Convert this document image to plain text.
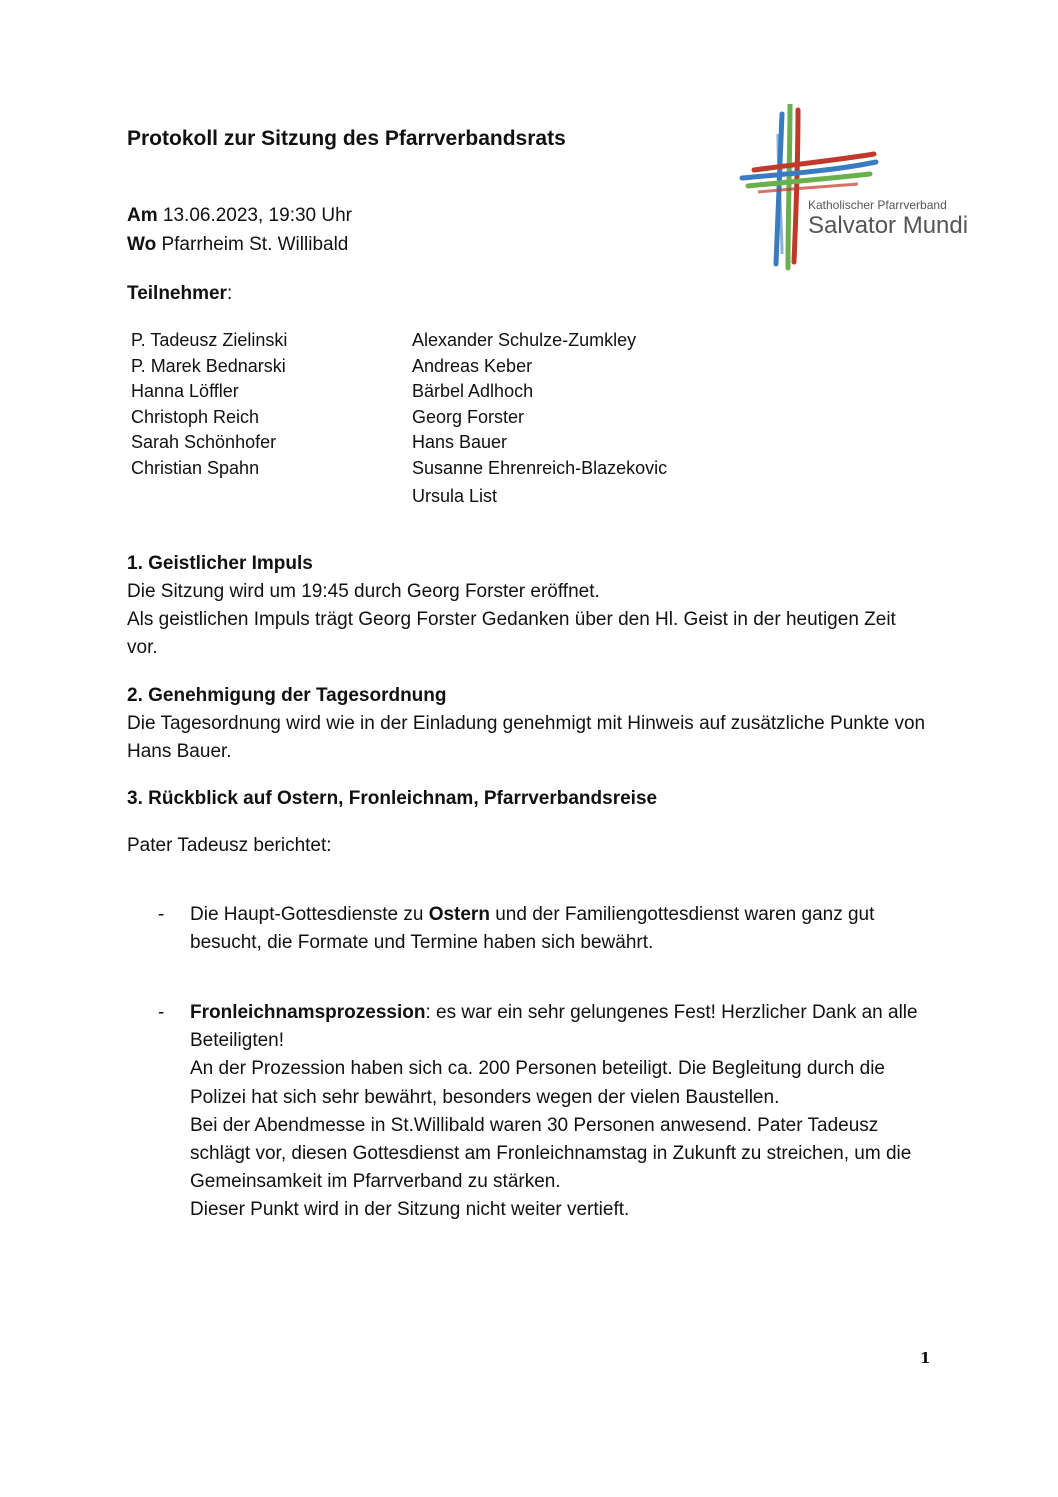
Protokoll zur Sitzung des Pfarrverbandsrats
Katholischer Pfarrverband
Salvator Mundi
Am 13.06.2023, 19:30 Uhr
Wo Pfarrheim St. Willibald
Teilnehmer:
P. Tadeusz Zielinski
P. Marek Bednarski
Hanna Löffler
Christoph Reich
Sarah Schönhofer
Christian Spahn
Alexander Schulze-Zumkley
Andreas Keber
Bärbel Adlhoch
Georg Forster
Hans Bauer
Susanne Ehrenreich-Blazekovic
Ursula List
1. Geistlicher Impuls
Die Sitzung wird um 19:45 durch Georg Forster eröffnet.
Als geistlichen Impuls trägt Georg Forster Gedanken über den Hl. Geist in der heutigen Zeit vor.
2. Genehmigung der Tagesordnung
Die Tagesordnung wird wie in der Einladung genehmigt mit Hinweis auf zusätzliche Punkte von Hans Bauer.
3. Rückblick auf Ostern, Fronleichnam, Pfarrverbandsreise
Pater Tadeusz berichtet:
- Die Haupt-Gottesdienste zu Ostern und der Familiengottesdienst waren ganz gut besucht, die Formate und Termine haben sich bewährt.
- Fronleichnamsprozession: es war ein sehr gelungenes Fest! Herzlicher Dank an alle Beteiligten!
An der Prozession haben sich ca. 200 Personen beteiligt. Die Begleitung durch die Polizei hat sich sehr bewährt, besonders wegen der vielen Baustellen.
Bei der Abendmesse in St.Willibald waren 30 Personen anwesend. Pater Tadeusz schlägt vor, diesen Gottesdienst am Fronleichnamstag in Zukunft zu streichen, um die Gemeinsamkeit im Pfarrverband zu stärken.
Dieser Punkt wird in der Sitzung nicht weiter vertieft.
1
